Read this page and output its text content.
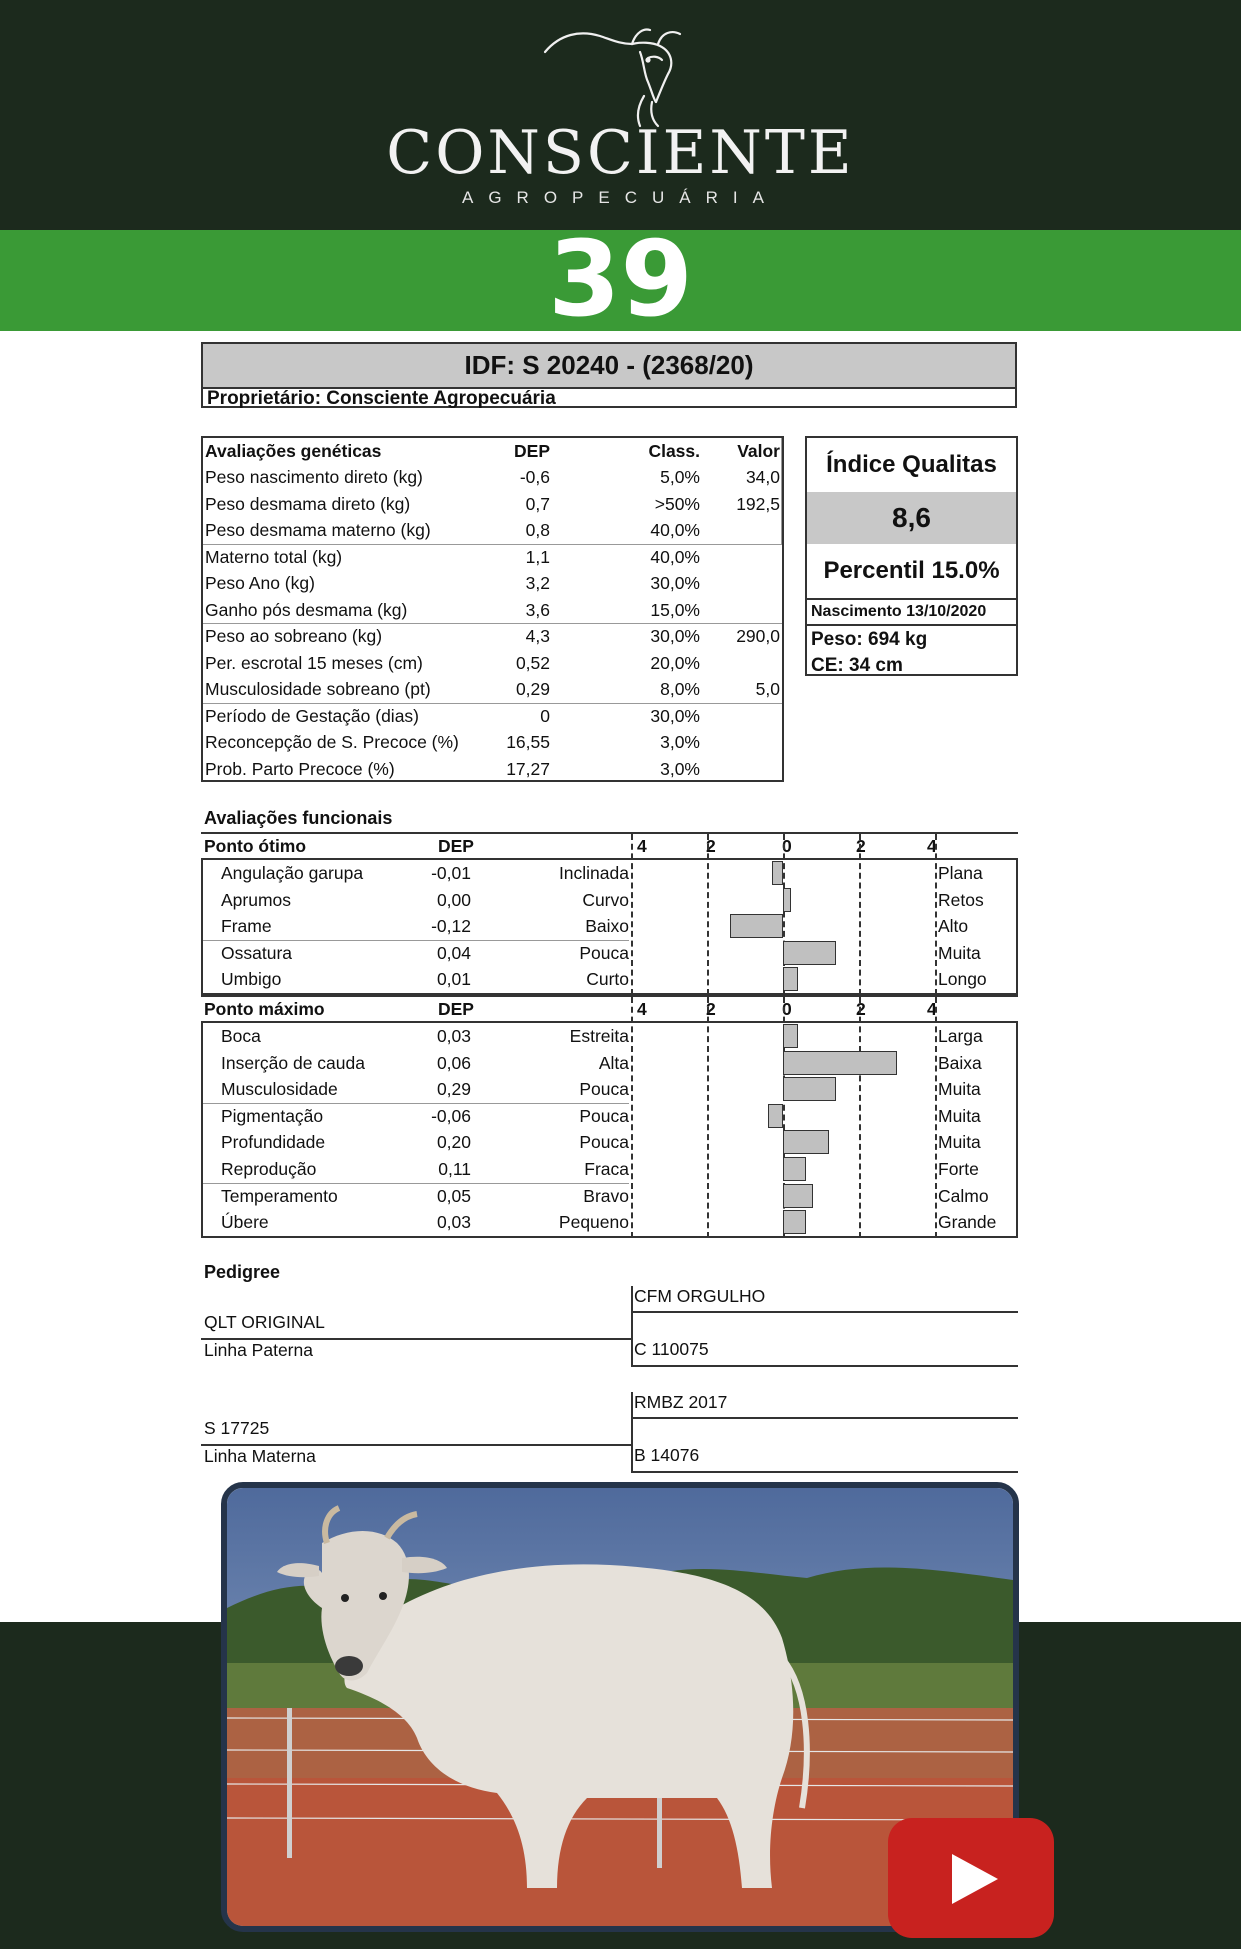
CONSCIENTE
AGROPECUÁRIA
39
IDF: S 20240 - (2368/20)
Proprietário: Consciente Agropecuária
Avaliações genéticas	DEP	Class. Valor
Peso nascimento direto (kg)	-0,6	5,0%	34,0
Peso desmama direto (kg)	0,7	>50% 192,5
Peso desmama materno (kg)	0,8	40,0%
Materno total (kg)	1,1	40,0%
Peso Ano (kg)	3,2	30,0%
Ganho pós desmama (kg)	3,6	15,0%
Peso ao sobreano (kg)	4,3	30,0% 290,0
Per. escrotal 15 meses (cm)	0,52	20,0%
Musculosidade sobreano (pt)	0,29	8,0%	5,0
Período de Gestação (dias)	0	30,0%
Reconcepção de S. Precoce (%)	16,55	3,0%
Prob. Parto Precoce (%)	17,27	3,0%
Índice Qualitas
8,6
Percentil 15.0%
Nascimento 13/10/2020
Peso: 694 kg
CE: 34 cm
Avaliações funcionais
Ponto ótimo	DEP	4	2	0	2	4
Angulação garupa	-0,01	Inclinada	Plana
Aprumos	0,00	Curvo	Retos
Frame	-0,12	Baixo	Alto
Ossatura	0,04	Pouca	Muita
Umbigo	0,01	Curto	Longo
Ponto máximo	DEP	4	2	0	2	4
Boca	0,03	Estreita	Larga
Inserção de cauda	0,06	Alta	Baixa
Musculosidade	0,29	Pouca	Muita
Pigmentação	-0,06	Pouca	Muita
Profundidade	0,20	Pouca	Muita
Reprodução	0,11	Fraca	Forte
Temperamento	0,05	Bravo	Calmo
Úbere	0,03	Pequeno	Grande
Pedigree
CFM ORGULHO
QLT ORIGINAL
Linha Paterna	C 110075
RMBZ 2017
S 17725
Linha Materna	B 14076
